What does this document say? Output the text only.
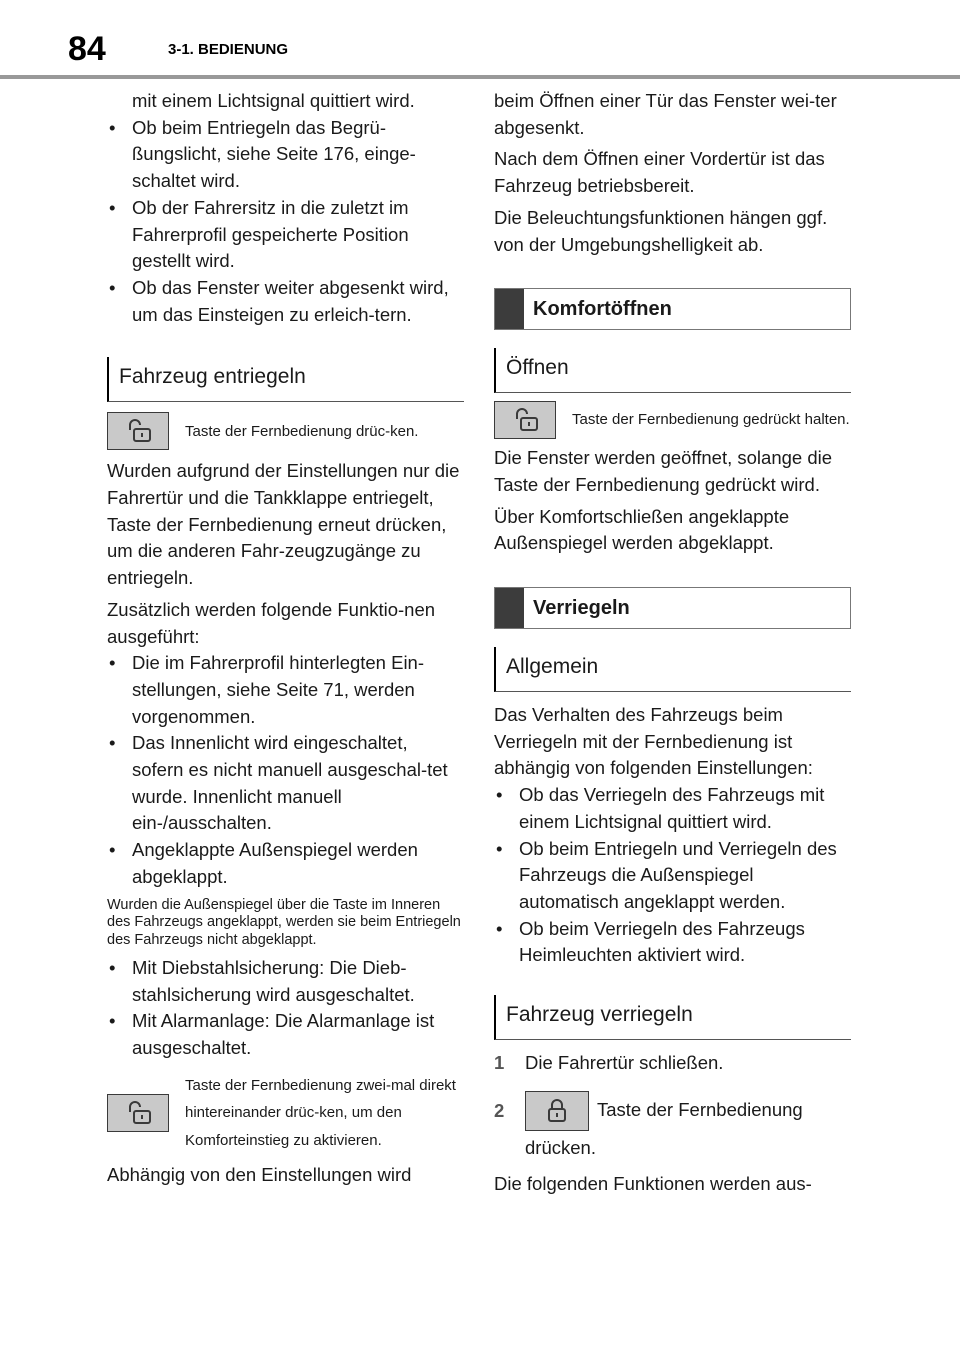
84	3-1. BEDIENUNG

mit einem Lichtsignal quittiert wird.

• Ob beim Entriegeln das Begrü-ßungslicht, siehe Seite 176, einge-schaltet wird.
• Ob der Fahrersitz in die zuletzt im Fahrerprofil gespeicherte Position gestellt wird.
• Ob das Fenster weiter abgesenkt wird, um das Einsteigen zu erleich-tern.
Fahrzeug entriegeln
Taste der Fernbedienung drüc-ken.

Wurden aufgrund der Einstellungen nur die Fahrertür und die Tankklappe entriegelt, Taste der Fernbedienung erneut drücken, um die anderen Fahr-zeugzugänge zu entriegeln.

Zusätzlich werden folgende Funktio-nen ausgeführt:

• Die im Fahrerprofil hinterlegten Ein-stellungen, siehe Seite 71, werden vorgenommen.
• Das Innenlicht wird eingeschaltet, sofern es nicht manuell ausgeschal-tet wurde. Innenlicht manuell ein-/ausschalten.
• Angeklappte Außenspiegel werden abgeklappt.

Wurden die Außenspiegel über die Taste im Inneren des Fahrzeugs angeklappt, werden sie beim Entriegeln des Fahrzeugs nicht abgeklappt.

• Mit Diebstahlsicherung: Die Dieb-stahlsicherung wird ausgeschaltet.
• Mit Alarmanlage: Die Alarmanlage ist ausgeschaltet.
Taste der Fernbedienung zwei-mal direkt hintereinander drüc-ken, um den Komforteinstieg zu aktivieren.

Abhängig von den Einstellungen wird

beim Öffnen einer Tür das Fenster wei-ter abgesenkt.

Nach dem Öffnen einer Vordertür ist das Fahrzeug betriebsbereit.

Die Beleuchtungsfunktionen hängen ggf. von der Umgebungshelligkeit ab.

Komfortöffnen
Öffnen
Taste der Fernbedienung gedrückt halten.

Die Fenster werden geöffnet, solange die Taste der Fernbedienung gedrückt wird.

Über Komfortschließen angeklappte Außenspiegel werden abgeklappt.

Verriegeln
Allgemein

Das Verhalten des Fahrzeugs beim Verriegeln mit der Fernbedienung ist abhängig von folgenden Einstellungen:

• Ob das Verriegeln des Fahrzeugs mit einem Lichtsignal quittiert wird.
• Ob beim Entriegeln und Verriegeln des Fahrzeugs die Außenspiegel automatisch angeklappt werden.
• Ob beim Verriegeln des Fahrzeugs Heimleuchten aktiviert wird.
Fahrzeug verriegeln
1 Die Fahrertür schließen.
2	Taste der Fernbedienung

drücken.

Die folgenden Funktionen werden aus-
